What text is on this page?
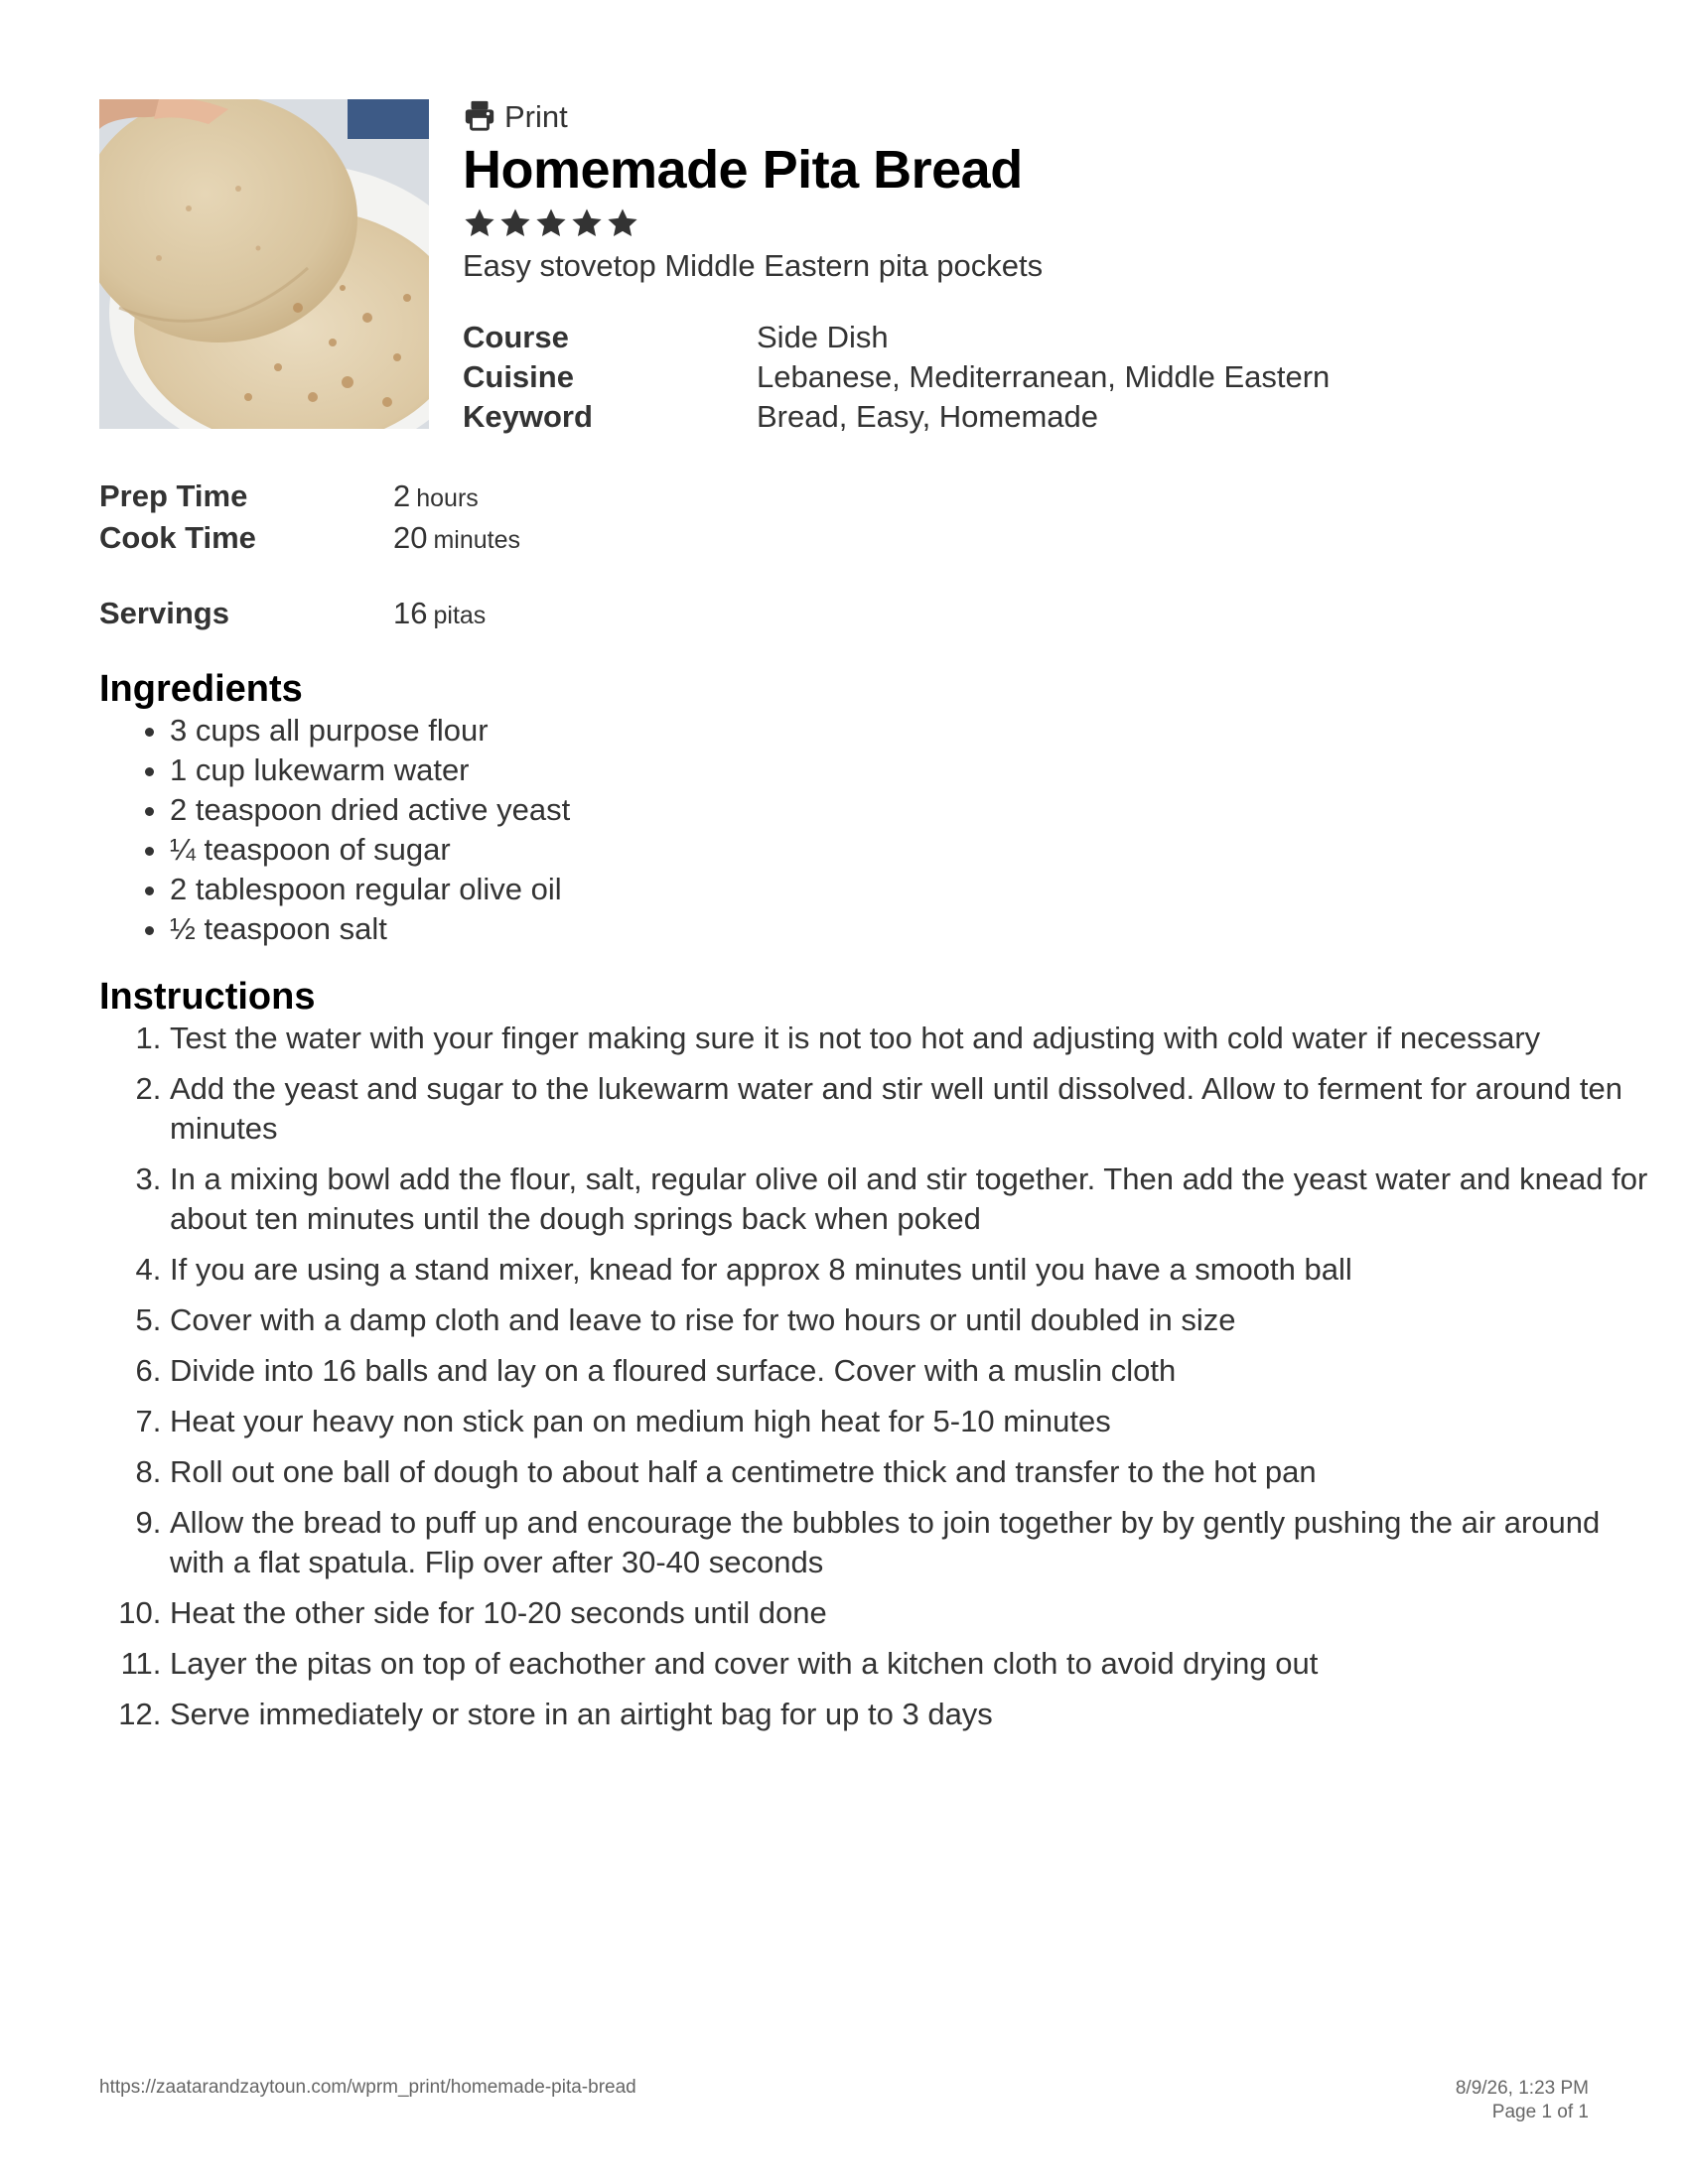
Print
Homemade Pita Bread
Easy stovetop Middle Eastern pita pockets
Course	Side Dish
Cuisine	Lebanese, Mediterranean, Middle Eastern
Keyword	Bread, Easy, Homemade
Prep Time	2 hours
Cook Time	20 minutes
Servings	16 pitas
Ingredients
• 3 cups all purpose flour
• 1 cup lukewarm water
• 2 teaspoon dried active yeast
• ¼ teaspoon of sugar
• 2 tablespoon regular olive oil
• ½ teaspoon salt
Instructions
1. Test the water with your finger making sure it is not too hot and adjusting with cold water if necessary
2. Add the yeast and sugar to the lukewarm water and stir well until dissolved. Allow to ferment for around ten minutes
3. In a mixing bowl add the flour, salt, regular olive oil and stir together. Then add the yeast water and knead for about ten minutes until the dough springs back when poked
4. If you are using a stand mixer, knead for approx 8 minutes until you have a smooth ball
5. Cover with a damp cloth and leave to rise for two hours or until doubled in size
6. Divide into 16 balls and lay on a floured surface. Cover with a muslin cloth
7. Heat your heavy non stick pan on medium high heat for 5-10 minutes
8. Roll out one ball of dough to about half a centimetre thick and transfer to the hot pan
9. Allow the bread to puff up and encourage the bubbles to join together by by gently pushing the air around with a flat spatula. Flip over after 30-40 seconds
10. Heat the other side for 10-20 seconds until done
11. Layer the pitas on top of eachother and cover with a kitchen cloth to avoid drying out
12. Serve immediately or store in an airtight bag for up to 3 days
https://zaatarandzaytoun.com/wprm_print/homemade-pita-bread	8/9/26, 1:23 PM
Page 1 of 1
